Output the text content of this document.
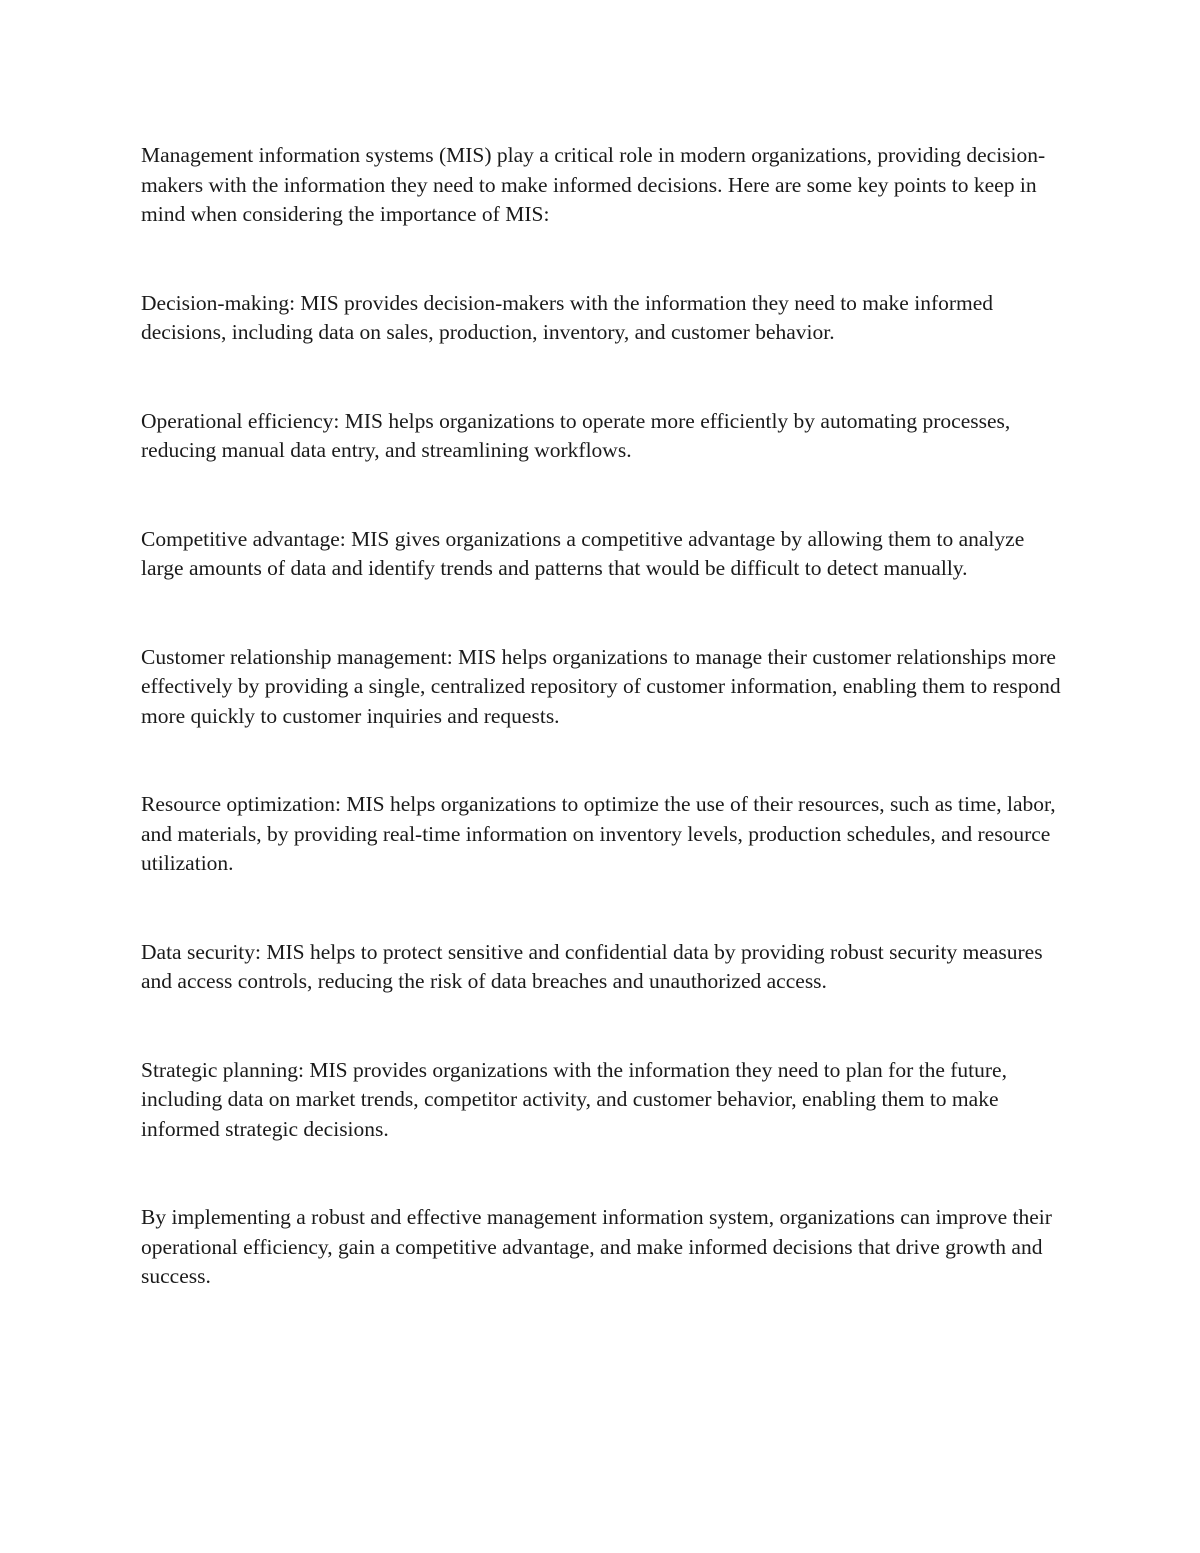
Management information systems (MIS) play a critical role in modern organizations, providing decision-makers with the information they need to make informed decisions. Here are some key points to keep in mind when considering the importance of MIS:

Decision-making: MIS provides decision-makers with the information they need to make informed decisions, including data on sales, production, inventory, and customer behavior.

Operational efficiency: MIS helps organizations to operate more efficiently by automating processes, reducing manual data entry, and streamlining workflows.

Competitive advantage: MIS gives organizations a competitive advantage by allowing them to analyze large amounts of data and identify trends and patterns that would be difficult to detect manually.

Customer relationship management: MIS helps organizations to manage their customer relationships more effectively by providing a single, centralized repository of customer information, enabling them to respond more quickly to customer inquiries and requests.

Resource optimization: MIS helps organizations to optimize the use of their resources, such as time, labor, and materials, by providing real-time information on inventory levels, production schedules, and resource utilization.

Data security: MIS helps to protect sensitive and confidential data by providing robust security measures and access controls, reducing the risk of data breaches and unauthorized access.

Strategic planning: MIS provides organizations with the information they need to plan for the future, including data on market trends, competitor activity, and customer behavior, enabling them to make informed strategic decisions.

By implementing a robust and effective management information system, organizations can improve their operational efficiency, gain a competitive advantage, and make informed decisions that drive growth and success.
